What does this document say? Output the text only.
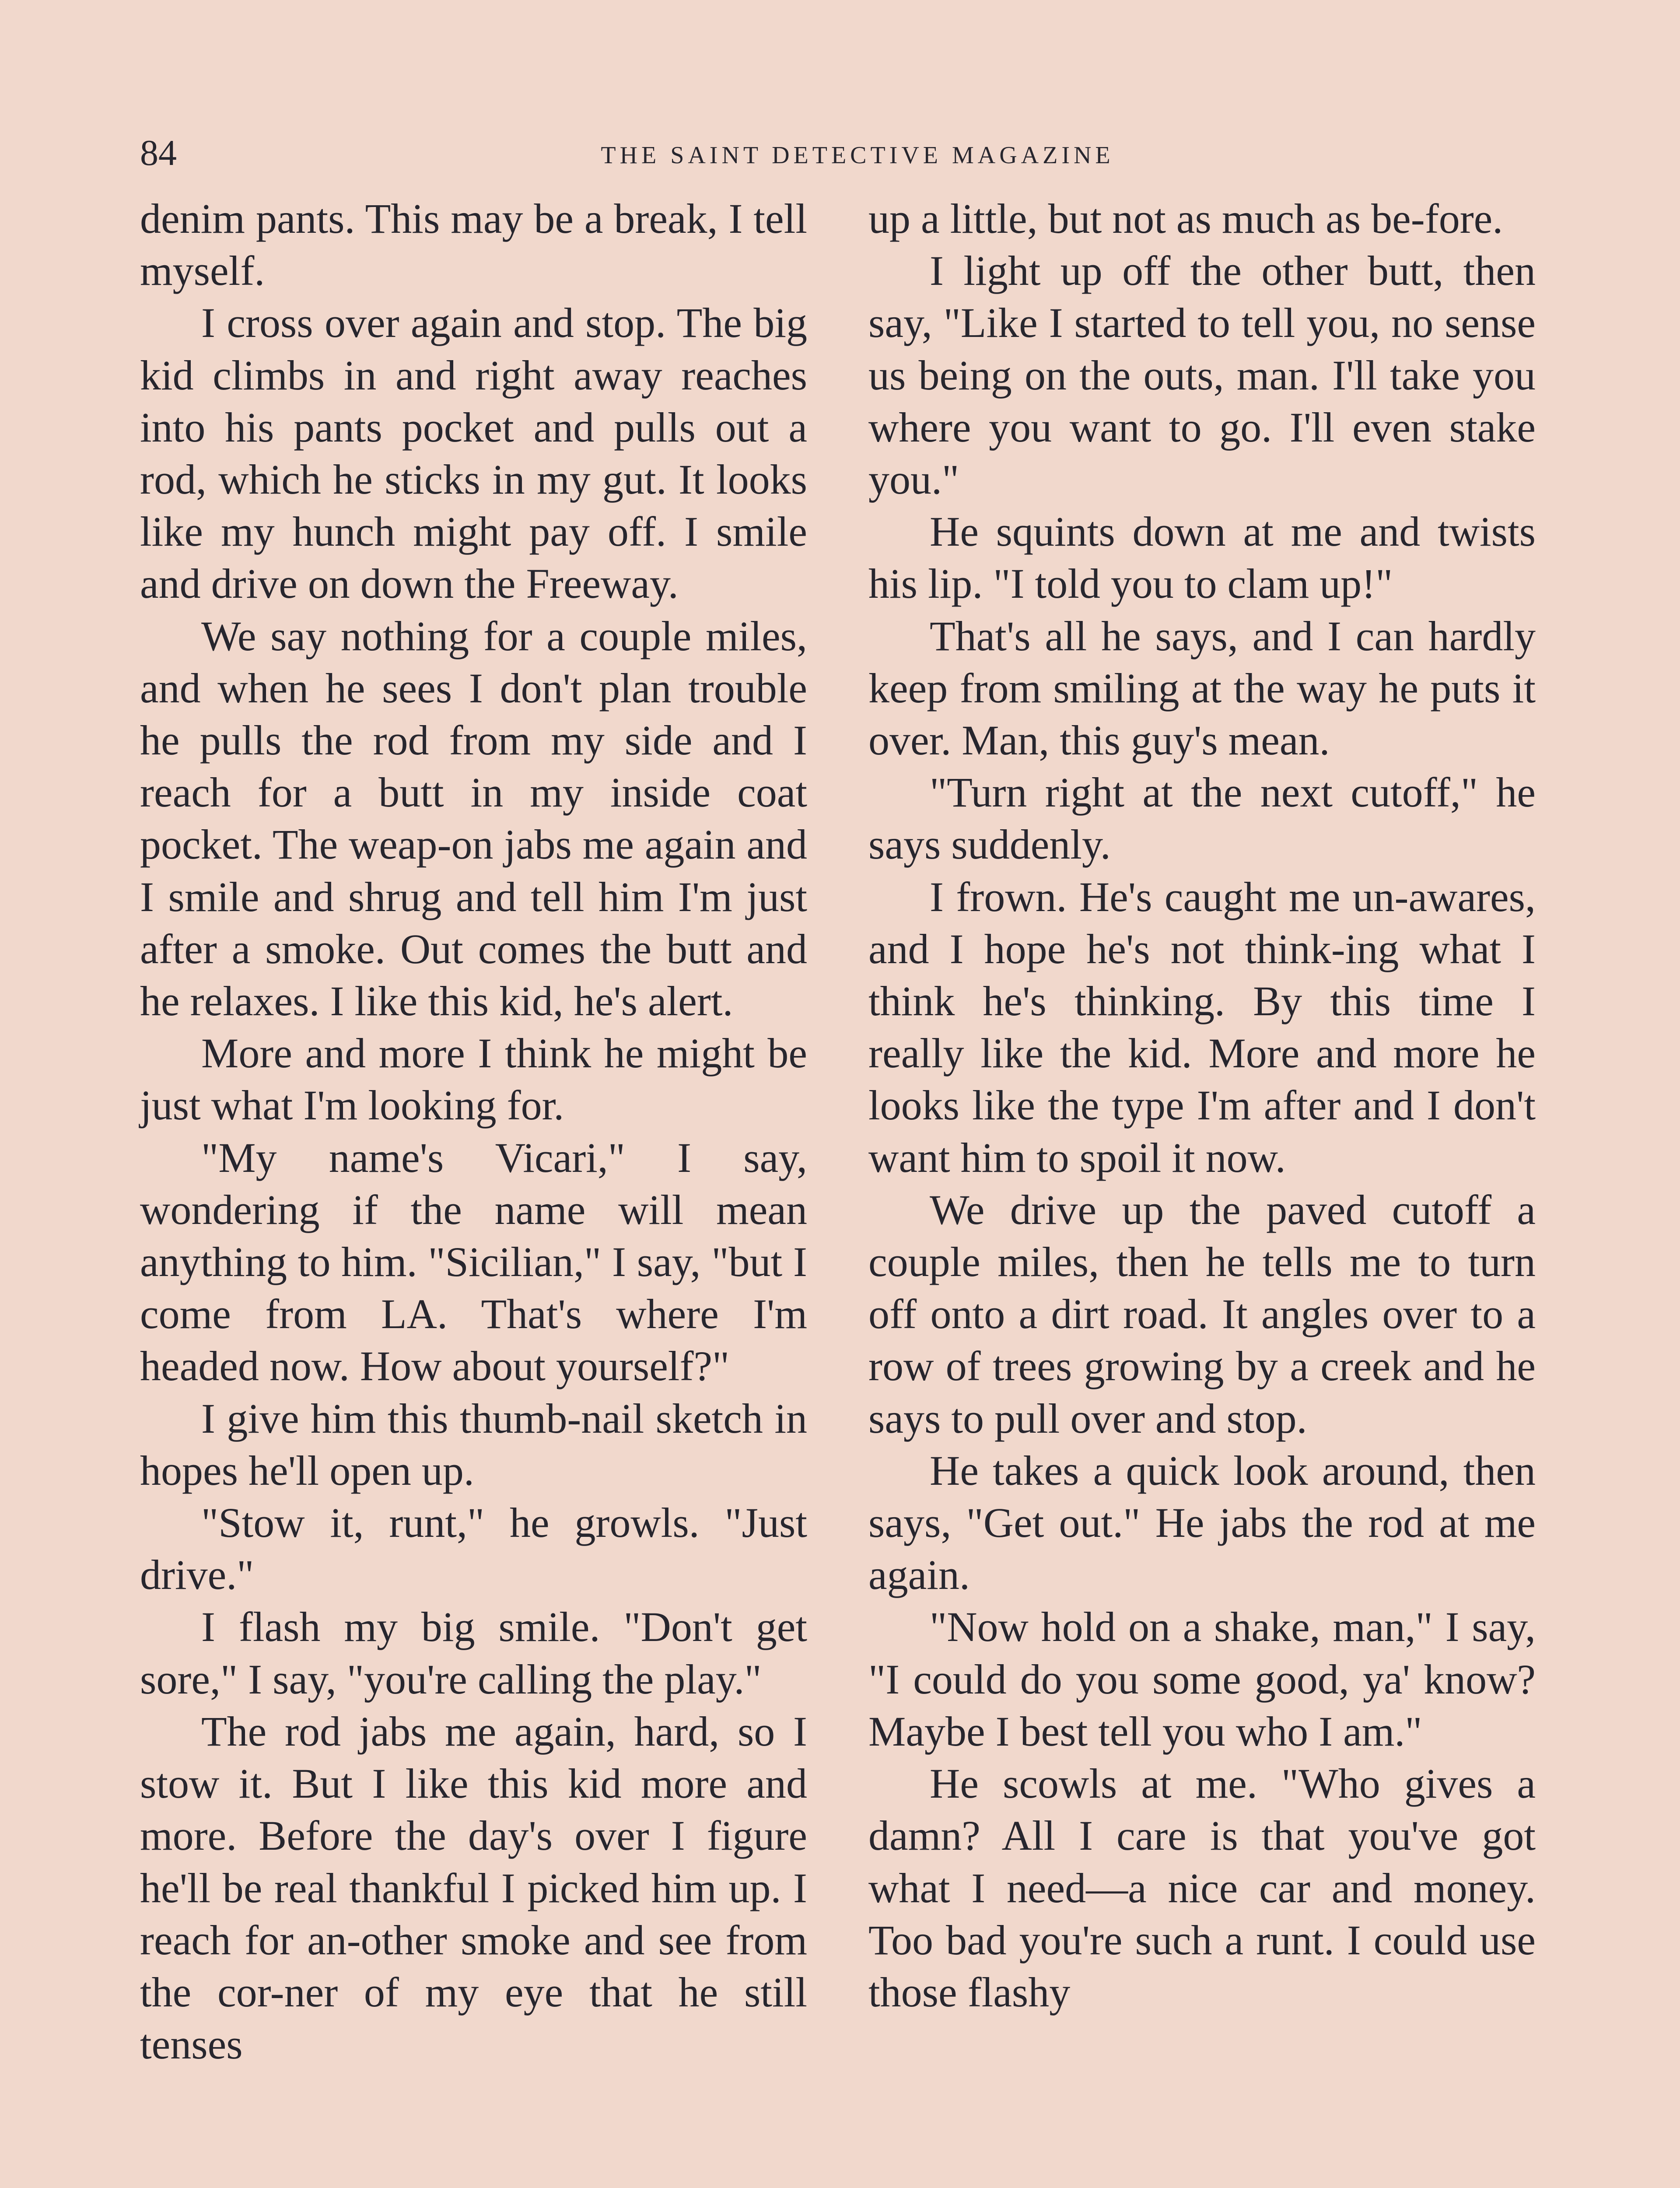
84	THE SAINT DETECTIVE MAGAZINE

denim pants. This may be a break, I tell myself.

I cross over again and stop. The big kid climbs in and right away reaches into his pants pocket and pulls out a rod, which he sticks in my gut. It looks like my hunch might pay off. I smile and drive on down the Freeway.

We say nothing for a couple miles, and when he sees I don't plan trouble he pulls the rod from my side and I reach for a butt in my inside coat pocket. The weap-on jabs me again and I smile and shrug and tell him I'm just after a smoke. Out comes the butt and he relaxes. I like this kid, he's alert.

More and more I think he might be just what I'm looking for.

"My name's Vicari," I say, wondering if the name will mean anything to him. "Sicilian," I say, "but I come from LA. That's where I'm headed now. How about yourself?"

I give him this thumb-nail sketch in hopes he'll open up.

"Stow it, runt," he growls. "Just drive."

I flash my big smile. "Don't get sore," I say, "you're calling the play."

The rod jabs me again, hard, so I stow it. But I like this kid more and more. Before the day's over I figure he'll be real thankful I picked him up. I reach for an-other smoke and see from the cor-ner of my eye that he still tenses

up a little, but not as much as be-fore.

I light up off the other butt, then say, "Like I started to tell you, no sense us being on the outs, man. I'll take you where you want to go. I'll even stake you."

He squints down at me and twists his lip. "I told you to clam up!"

That's all he says, and I can hardly keep from smiling at the way he puts it over. Man, this guy's mean.

"Turn right at the next cutoff," he says suddenly.

I frown. He's caught me un-awares, and I hope he's not think-ing what I think he's thinking. By this time I really like the kid. More and more he looks like the type I'm after and I don't want him to spoil it now.

We drive up the paved cutoff a couple miles, then he tells me to turn off onto a dirt road. It angles over to a row of trees growing by a creek and he says to pull over and stop.

He takes a quick look around, then says, "Get out." He jabs the rod at me again.

"Now hold on a shake, man," I say, "I could do you some good, ya' know? Maybe I best tell you who I am."

He scowls at me. "Who gives a damn? All I care is that you've got what I need—a nice car and money. Too bad you're such a runt. I could use those flashy
